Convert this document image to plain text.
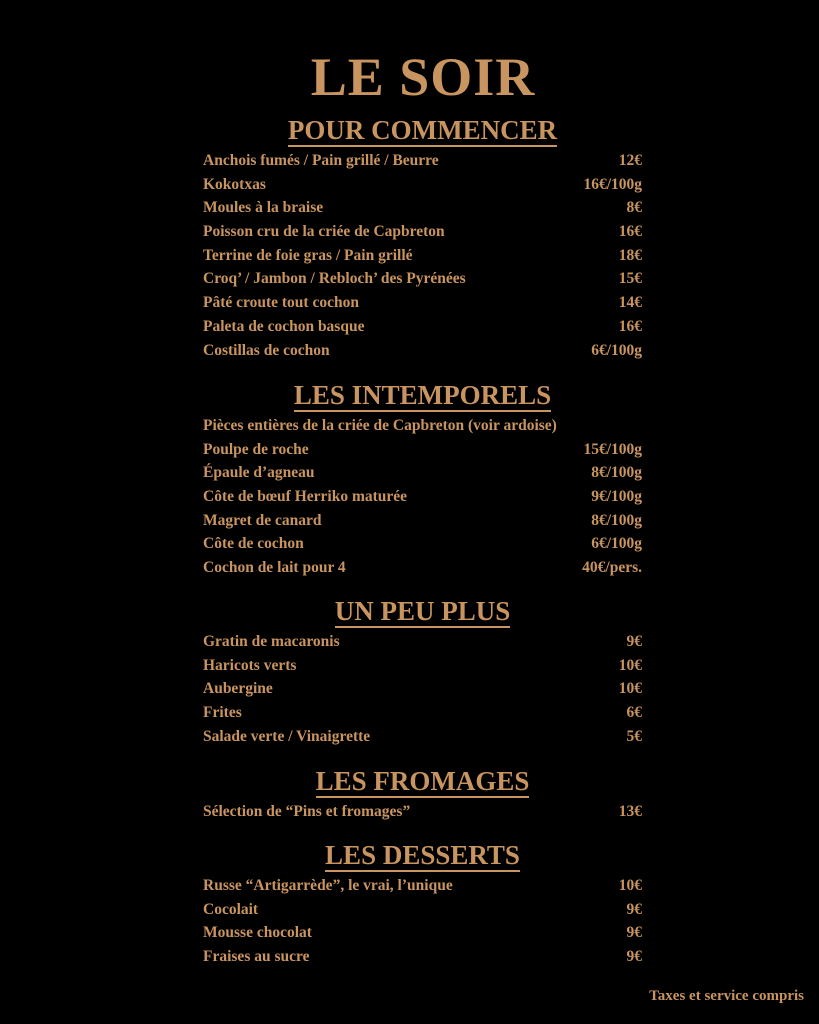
LE SOIR
POUR COMMENCER
Anchois fumés / Pain grillé / Beurre	12€
Kokotxas	16€/100g
Moules à la braise	8€
Poisson cru de la criée de Capbreton	16€
Terrine de foie gras / Pain grillé	18€
Croq’ / Jambon / Rebloch’ des Pyrénées	15€
Pâté croute tout cochon	14€
Paleta de cochon basque	16€
Costillas de cochon	6€/100g
LES INTEMPORELS
Pièces entières de la criée de Capbreton (voir ardoise)
Poulpe de roche	15€/100g
Épaule d’agneau	8€/100g
Côte de bœuf Herriko maturée	9€/100g
Magret de canard	8€/100g
Côte de cochon	6€/100g
Cochon de lait pour 4	40€/pers.
UN PEU PLUS
Gratin de macaronis	9€
Haricots verts	10€
Aubergine	10€
Frites	6€
Salade verte / Vinaigrette	5€
LES FROMAGES
Sélection de “Pins et fromages”	13€
LES DESSERTS
Russe “Artigarrède”, le vrai, l’unique	10€
Cocolait	9€
Mousse chocolat	9€
Fraises au sucre	9€
Taxes et service compris
